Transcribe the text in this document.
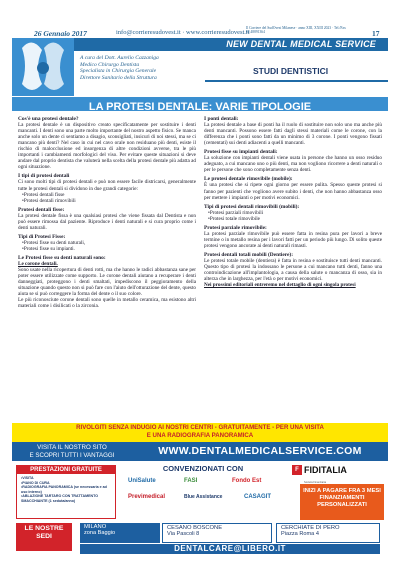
26 Gennaio 2017	info@corrieresudovest.it · www.corrieresudovest.it
Il Corriere del SudOvest Milanese · anno XIII, XXIII 2023 · Tel./Fax 02.48891364	17
NEW DENTAL MEDICAL SERVICE
A cura del Dott. Aurelio Cazzaniga
Medico Chirurgo Dentista
Specialista in Chirurgia Generale
Direttore Sanitario della Struttura
STUDI DENTISTICI
LA PROTESI DENTALE: VARIE TIPOLOGIE
Cos'è una protesi dentale?

La protesi dentale è un dispositivo creato specificatamente per sostituire i denti mancanti. I denti sono una parte molto importante del nostro aspetto fisico. Se manca anche solo un dente ci sentiamo a disagio, sconsigliati, insicuri di noi stessi, ma se ci mancano più denti? Nel caso in cui nel cavo orale non residuano più denti, esiste il rischio di malocclusione ed insorgenza di altre condizioni avverse, tra le più importanti i cambiamenti morfologici del viso. Per evitare queste situazioni si deve andare dal proprio dentista che valuterà nella scelta della protesi dentale più adatta ad ogni situazione.

I tipi di protesi dentali

Ci sono molti tipi di protesi dentali e può non essere facile districarsi, generalmente tutte le protesi dentali si dividono in due grandi categorie:

• Protesi dentali fisse
• Protesi dentali rimovibili
Protesi dentali fisse:

La protesi dentale fissa è una qualsiasi protesi che viene fissata dal Dentista e non può essere rimossa dal paziente. Riproduce i denti naturali e si cura proprio come i denti naturali.

Tipi di Protesi Fisse:
• Protesi fisse su denti naturali,
• Protesi fisse su impianti.
Le Protesi fisse su denti naturali sono:

Le corone dentali.

Sono usate nella ricopertura di denti rotti, ma che hanno le radici abbastanza sane per poter essere utilizzate come supporto. Le corone dentali aiutano a recuperare i denti danneggiati, proteggono i denti smaltati, impediscono il peggioramento della situazione quando questo non si può fare con l'aiuto dell'otturazione del dente, questo aiuta se si può correggere la forma del dente o il suo colore.

Le più riconosciute corone dentali sono quelle in metallo ceramica, ma esistono altri materiali come i disilicati o la zirconia.

I ponti dentali:

La protesi dentale a base di ponti ha il ruolo di sostituire non solo uno ma anche più denti mancanti. Possono essere fatti dagli stessi materiali come le corone, con la differenza che i ponti sono fatti da un minimo di 3 corone. I ponti vengono fissati (cementati) sui denti adiacenti a quelli mancanti.

Protesi fisse su impianti dentali:

La soluzione con impianti dentali viene usata in persone che hanno un osso residuo adeguato, a cui mancano uno o più denti, ma non vogliono ricorrere a denti naturali o per le persone che sono completamente senza denti.

Le protesi dentale rimovibile (mobile):

È una protesi che si ripete ogni giorno per essere pulita. Spesso queste protesi si fanno per pazienti che vogliono avere subito i denti, che non hanno abbastanza osso per mettere i impianti o per motivi economici.

Tipi di protesi dentali rimovibili (mobili):
• Protesi parziali rimovibili
• Protesi totale rimovibile
Protesi parziale rimovibile:

La protesi parziale rimovibile può essere fatta in resina pura per lavori a breve termine o in metallo resina per i lavori fatti per un periodo più lungo. Di solito queste protesi vengono ancorate ai denti naturali rimasti.

Protesi dentali totali mobili (Dentiere):

Le protesi totale mobile (dentiera) è fatta in resina e sostituisce tutti denti mancanti. Questo tipo di protesi la indossano le persone a cui mancano tutti denti, fanno una controindicazione all'implantologia, a causa della salute o mancanza di osso, sia in alterza che in larghezza, per l'età o per motivi economici.

Nei prossimi editoriali entreremo nel dettaglio di ogni singola protesi

RIVOLGITI SENZA INDUGIO AI NOSTRI CENTRI - GRATUITAMENTE - PER UNA VISITA
E UNA RADIOGRAFIA PANORAMICA
VISITA IL NOSTRO SITO
E SCOPRI TUTTI I VANTAGGI	WWW.DENTALMEDICALSERVICE.COM
PRESTAZIONI GRATUITE
• VISITA
• PIANO DI CURA
• RADIOGRAFIA PANORAMICA (se necessaria e ad uso interno)
• ABLAZIONE TARTARO CON TRATTAMENTO SMACCHIANTE (1 seduta/anno)
CONVENZIONATI CON
UniSalute	FASI	Fondo Est
Previmedical	Blue Assistance	CASAGIT
F FIDITALIA
Società Finanziaria
INIZI A PAGARE FRA 3 MESI FINANZIAMENTI PERSONALIZZATI
LE NOSTRE SEDI
MILANO
zona Baggio
CESANO BOSCONE
Via Pascoli 8
CERCHIATE DI PERO
Piazza Roma 4
DENTALCARE@LIBERO.IT
